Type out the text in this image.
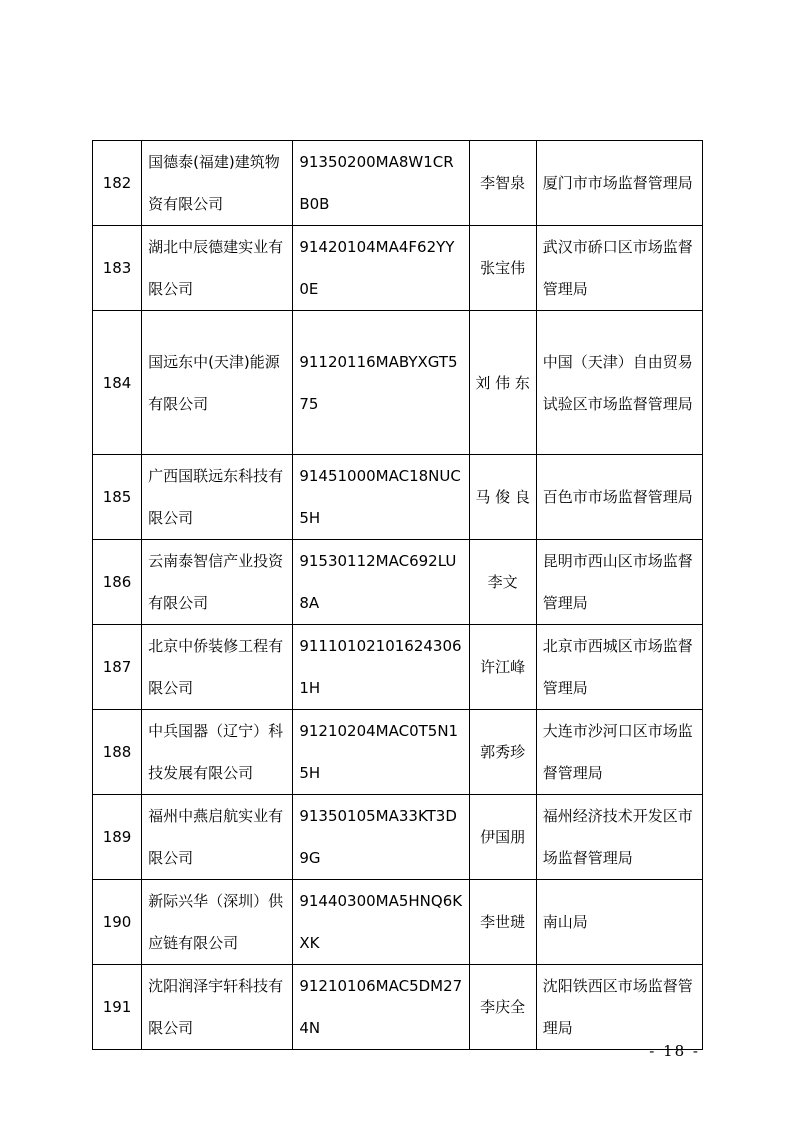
182	国德泰(福建)建筑物资有限公司	91350200MA8W1CRB0B	李智泉	厦门市市场监督管理局

183	湖北中辰德建实业有限公司	91420104MA4F62YY0E	张宝伟	武汉市硚口区市场监督管理局

184	国远东中(天津)能源有限公司	91120116MABYXGT575	刘 伟 东	中国（天津）自由贸易试验区市场监督管理局

185	广西国联远东科技有限公司	91451000MAC18NUC5H	马 俊 良	百色市市场监督管理局

186	云南泰智信产业投资有限公司	91530112MAC692LU8A	李文	昆明市西山区市场监督管理局

187	北京中侨装修工程有限公司	911101021016243061H	许江峰	北京市西城区市场监督管理局

188	中兵国器（辽宁）科技发展有限公司	91210204MAC0T5N15H	郭秀珍	大连市沙河口区市场监督管理局

189	福州中燕启航实业有限公司	91350105MA33KT3D9G	伊国朋	福州经济技术开发区市场监督管理局

190	新际兴华（深圳）供应链有限公司	91440300MA5HNQ6KXK	李世琎	南山局

191	沈阳润泽宇轩科技有限公司	91210106MAC5DM274N	李庆全	沈阳铁西区市场监督管理局
- 18 -
